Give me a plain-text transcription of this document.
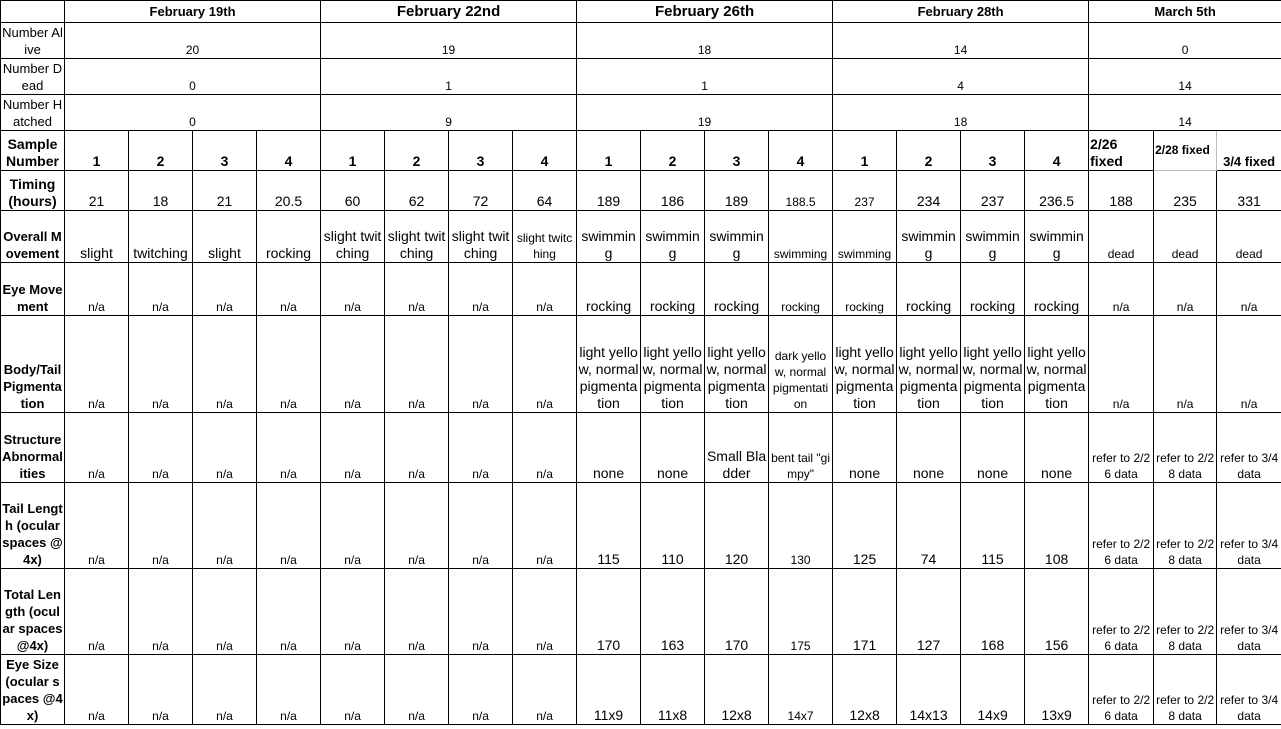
	February 19th				February 22nd				February 26th				February 28th				March 5th		
Number Alive	20				19				18				14				0		
Number Dead	0				1				1				4				14		
Number Hatched	0				9				19				18				14		
Sample Number	1	2	3	4	1	2	3	4	1	2	3	4	1	2	3	4	2/26 fixed	2/28 fixed	3/4 fixed
Timing (hours)	21	18	21	20.5	60	62	72	64	189	186	189	188.5	237	234	237	236.5	188	235	331
Overall Movement	slight	twitching	slight	rocking	slight twitching	slight twitching	slight twitching	slight twitching	swimming	swimming	swimming	swimming	swimming	swimming	swimming	swimming	dead	dead	dead
Eye Movement	n/a	n/a	n/a	n/a	n/a	n/a	n/a	n/a	rocking	rocking	rocking	rocking	rocking	rocking	rocking	rocking	n/a	n/a	n/a
Body/Tail Pigmentation	n/a	n/a	n/a	n/a	n/a	n/a	n/a	n/a	light yellow, normal pigmentation	light yellow, normal pigmentation	light yellow, normal pigmentation	dark yellow, normal pigmentation	light yellow, normal pigmentation	light yellow, normal pigmentation	light yellow, normal pigmentation	light yellow, normal pigmentation	n/a	n/a	n/a
Structure Abnormalities	n/a	n/a	n/a	n/a	n/a	n/a	n/a	n/a	none	none	Small Bladder	bent tail "gimpy"	none	none	none	none	refer to 2/26 data	refer to 2/28 data	refer to 3/4 data
Tail Length (ocular spaces @4x)	n/a	n/a	n/a	n/a	n/a	n/a	n/a	n/a	115	110	120	130	125	74	115	108	refer to 2/26 data	refer to 2/28 data	refer to 3/4 data
Total Length (ocular spaces @4x)	n/a	n/a	n/a	n/a	n/a	n/a	n/a	n/a	170	163	170	175	171	127	168	156	refer to 2/26 data	refer to 2/28 data	refer to 3/4 data
Eye Size (ocular spaces @4x)	n/a	n/a	n/a	n/a	n/a	n/a	n/a	n/a	11x9	11x8	12x8	14x7	12x8	14x13	14x9	13x9	refer to 2/26 data	refer to 2/28 data	refer to 3/4 data
